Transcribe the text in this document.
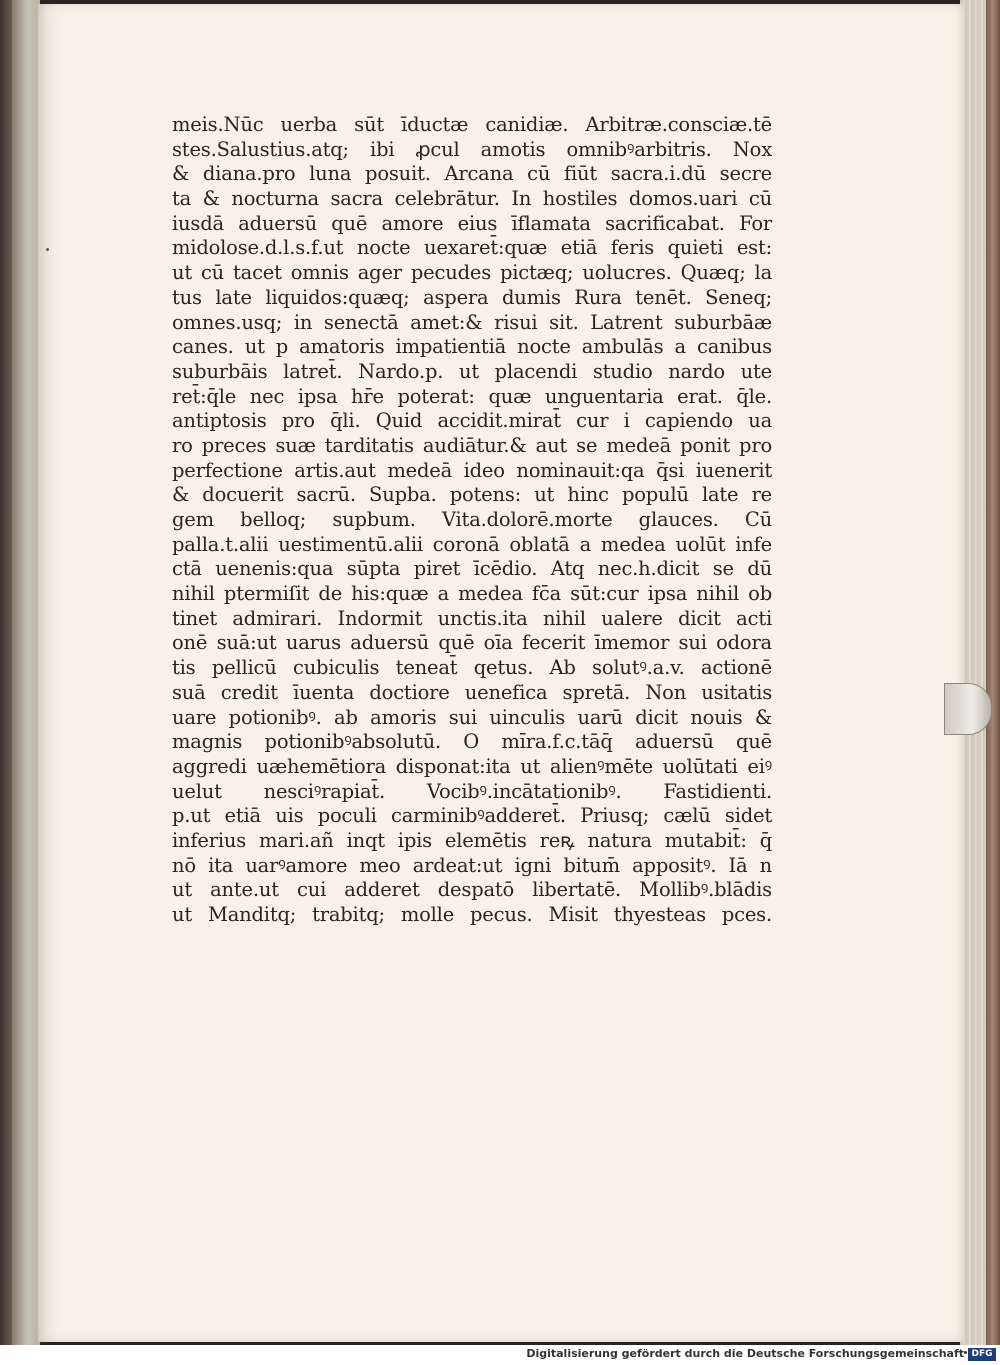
meis.Nūc uerba sūt īductæ canidiæ. Arbitræ.consciæ.tē
stes.Salustius.atq; ibi ꝓcul amotis omnibꝰarbitris. Nox
& diana.pro luna posuit. Arcana cū fiūt sacra.i.dū secre
ta & nocturna sacra celebrātur. In hostiles domos.uari cū
iusdā aduersū quē amore eius īflamata sacrificabat. For
midolose.d.l.s.f.ut nocte uexaret̄:quæ etiā feris quieti est:
ut cū tacet omnis ager pecudes pictæq; uolucres. Quæq; la
tus late liquidos:quæq; aspera dumis Rura tenēt. Seneq;
omnes.usq; in senectā amet:& risui sit. Latrent suburbāæ
canes. ut p amatoris impatientiā nocte ambulās a canibus
suburbāis latret̄. Nardo.p. ut placendi studio nardo ute
ret̄:q̄le nec ipsa hr̄e poterat: quæ unguentaria erat. q̄le.
antiptosis pro q̄li. Quid accidit.mirat̄ cur i capiendo ua
ro preces suæ tarditatis audiātur.& aut se medeā ponit pro
perfectione artis.aut medeā ideo nominauit:qa q̄si iuenerit
& docuerit sacrū. Supba. potens: ut hinc populū late re
gem belloq; supbum. Vita.dolorē.morte glauces. Cū
palla.t.alii uestimentū.alii coronā oblatā a medea uolūt infe
ctā uenenis:qua sūpta piret īcēdio. Atq nec.h.dicit se dū
nihil ptermiſit de his:quæ a medea fc̄a sūt:cur ipsa nihil ob
tinet admirari. Indormit unctis.ita nihil ualere dicit acti
onē suā:ut uarus aduersū quē oīa fecerit īmemor sui odora
tis pellicū cubiculis teneat̄ qetus. Ab solutꝰ.a.v. actionē
suā credit īuenta doctiore uenefica spretā. Non usitatis
uare potionibꝰ. ab amoris sui uinculis uarū dicit nouis &
magnis potionibꝰabsolutū. O mı̄ra.f.c.tāq̄ aduersū quē
aggredi uæhemētiora disponat:ita ut alienꝰmēte uolūtati eiꝰ
uelut nesciꝰrapiat̄. Vocibꝰ.incātationibꝰ. Fastidienti.
p.ut etiā uis poculi carminibꝰadderet̄. Priusq; cælū sidet
inferius mari.añ inqt ipis elemētis reꝶ natura mutabit̄: q̄
nō ita uarꝰamore meo ardeat:ut igni bitum̄ appositꝰ. Iā n
ut ante.ut cui adderet despatō libertatē. Mollibꝰ.blādis
ut Manditq; trabitq; molle pecus. Misit thyesteas pces.
Digitalisierung gefördert durch die Deutsche Forschungsgemeinschaft DFG
